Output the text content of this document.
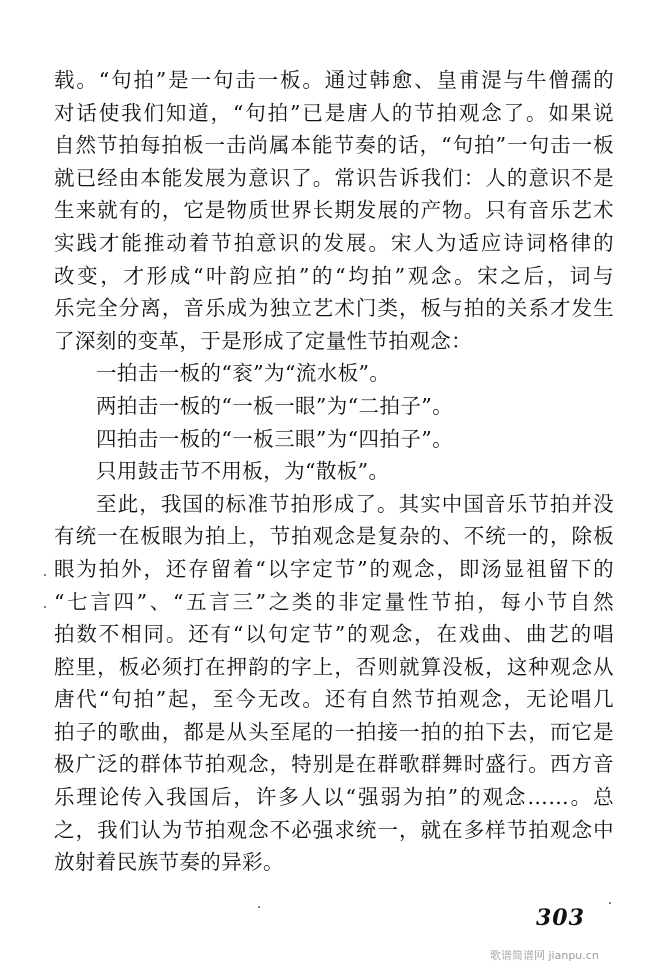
载。“句拍”是一句击一板。通过韩愈、皇甫湜与牛僧孺的
对话使我们知道，“句拍”已是唐人的节拍观念了。如果说
自然节拍每拍板一击尚属本能节奏的话，“句拍”一句击一板
就已经由本能发展为意识了。常识告诉我们：人的意识不是
生来就有的，它是物质世界长期发展的产物。只有音乐艺术
实践才能推动着节拍意识的发展。宋人为适应诗词格律的
改变，才形成“叶韵应拍”的“均拍”观念。宋之后，词与
乐完全分离，音乐成为独立艺术门类，板与拍的关系才发生
了深刻的变革，于是形成了定量性节拍观念：
一拍击一板的“衮”为“流水板”。
两拍击一板的“一板一眼”为“二拍子”。
四拍击一板的“一板三眼”为“四拍子”。
只用鼓击节不用板，为“散板”。
至此，我国的标准节拍形成了。其实中国音乐节拍并没
有统一在板眼为拍上，节拍观念是复杂的、不统一的，除板
眼为拍外，还存留着“以字定节”的观念，即汤显祖留下的
“七言四”、“五言三”之类的非定量性节拍，每小节自然
拍数不相同。还有“以句定节”的观念，在戏曲、曲艺的唱
腔里，板必须打在押韵的字上，否则就算没板，这种观念从
唐代“句拍”起，至今无改。还有自然节拍观念，无论唱几
拍子的歌曲，都是从头至尾的一拍接一拍的拍下去，而它是
极广泛的群体节拍观念，特别是在群歌群舞时盛行。西方音
乐理论传入我国后，许多人以“强弱为拍”的观念……。总
之，我们认为节拍观念不必强求统一，就在多样节拍观念中
放射着民族节奏的异彩。
303
歌谱简谱网 jianpu.cn
